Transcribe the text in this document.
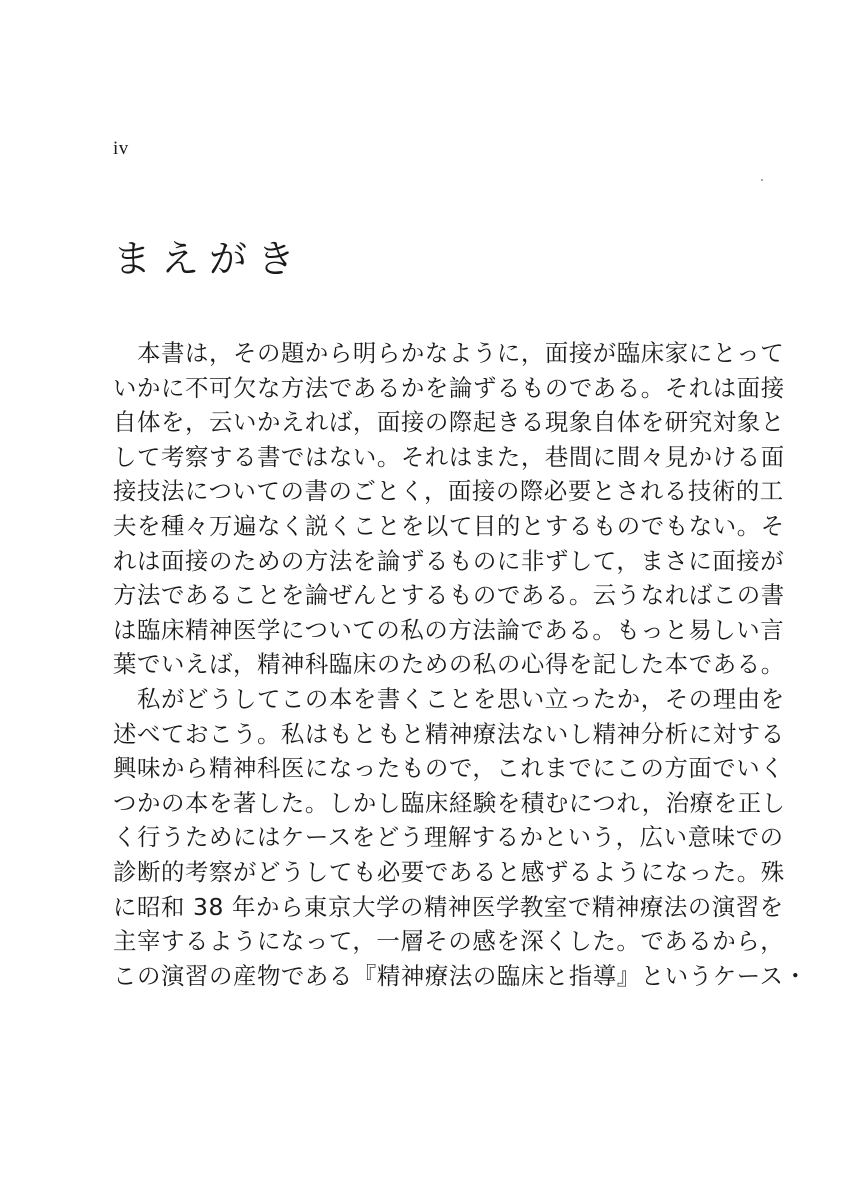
iv
まえがき
　本書は，その題から明らかなように，面接が臨床家にとって
いかに不可欠な方法であるかを論ずるものである。それは面接
自体を，云いかえれば，面接の際起きる現象自体を研究対象と
して考察する書ではない。それはまた，巷間に間々見かける面
接技法についての書のごとく，面接の際必要とされる技術的工
夫を種々万遍なく説くことを以て目的とするものでもない。そ
れは面接のための方法を論ずるものに非ずして，まさに面接が
方法であることを論ぜんとするものである。云うなればこの書
は臨床精神医学についての私の方法論である。もっと易しい言
葉でいえば，精神科臨床のための私の心得を記した本である。
　私がどうしてこの本を書くことを思い立ったか，その理由を
述べておこう。私はもともと精神療法ないし精神分析に対する
興味から精神科医になったもので，これまでにこの方面でいく
つかの本を著した。しかし臨床経験を積むにつれ，治療を正し
く行うためにはケースをどう理解するかという，広い意味での
診断的考察がどうしても必要であると感ずるようになった。殊
に昭和 38 年から東京大学の精神医学教室で精神療法の演習を
主宰するようになって，一層その感を深くした。であるから，
この演習の産物である『精神療法の臨床と指導』というケース・
